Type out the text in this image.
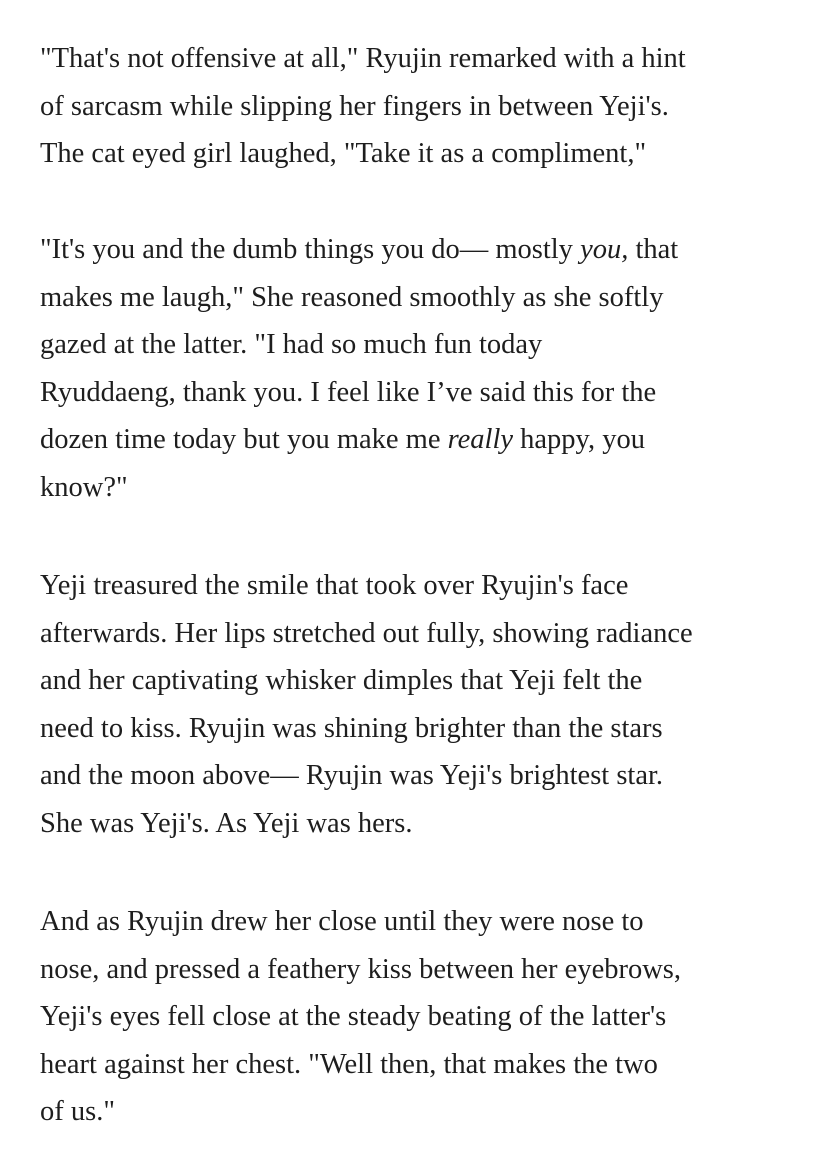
"That's not offensive at all," Ryujin remarked with a hint
of sarcasm while slipping her fingers in between Yeji's.
The cat eyed girl laughed, "Take it as a compliment,"

"It's you and the dumb things you do— mostly you, that
makes me laugh," She reasoned smoothly as she softly
gazed at the latter. "I had so much fun today
Ryuddaeng, thank you. I feel like I’ve said this for the
dozen time today but you make me really happy, you
know?"

Yeji treasured the smile that took over Ryujin's face
afterwards. Her lips stretched out fully, showing radiance
and her captivating whisker dimples that Yeji felt the
need to kiss. Ryujin was shining brighter than the stars
and the moon above— Ryujin was Yeji's brightest star.
She was Yeji's. As Yeji was hers.

And as Ryujin drew her close until they were nose to
nose, and pressed a feathery kiss between her eyebrows,
Yeji's eyes fell close at the steady beating of the latter's
heart against her chest. "Well then, that makes the two
of us."
